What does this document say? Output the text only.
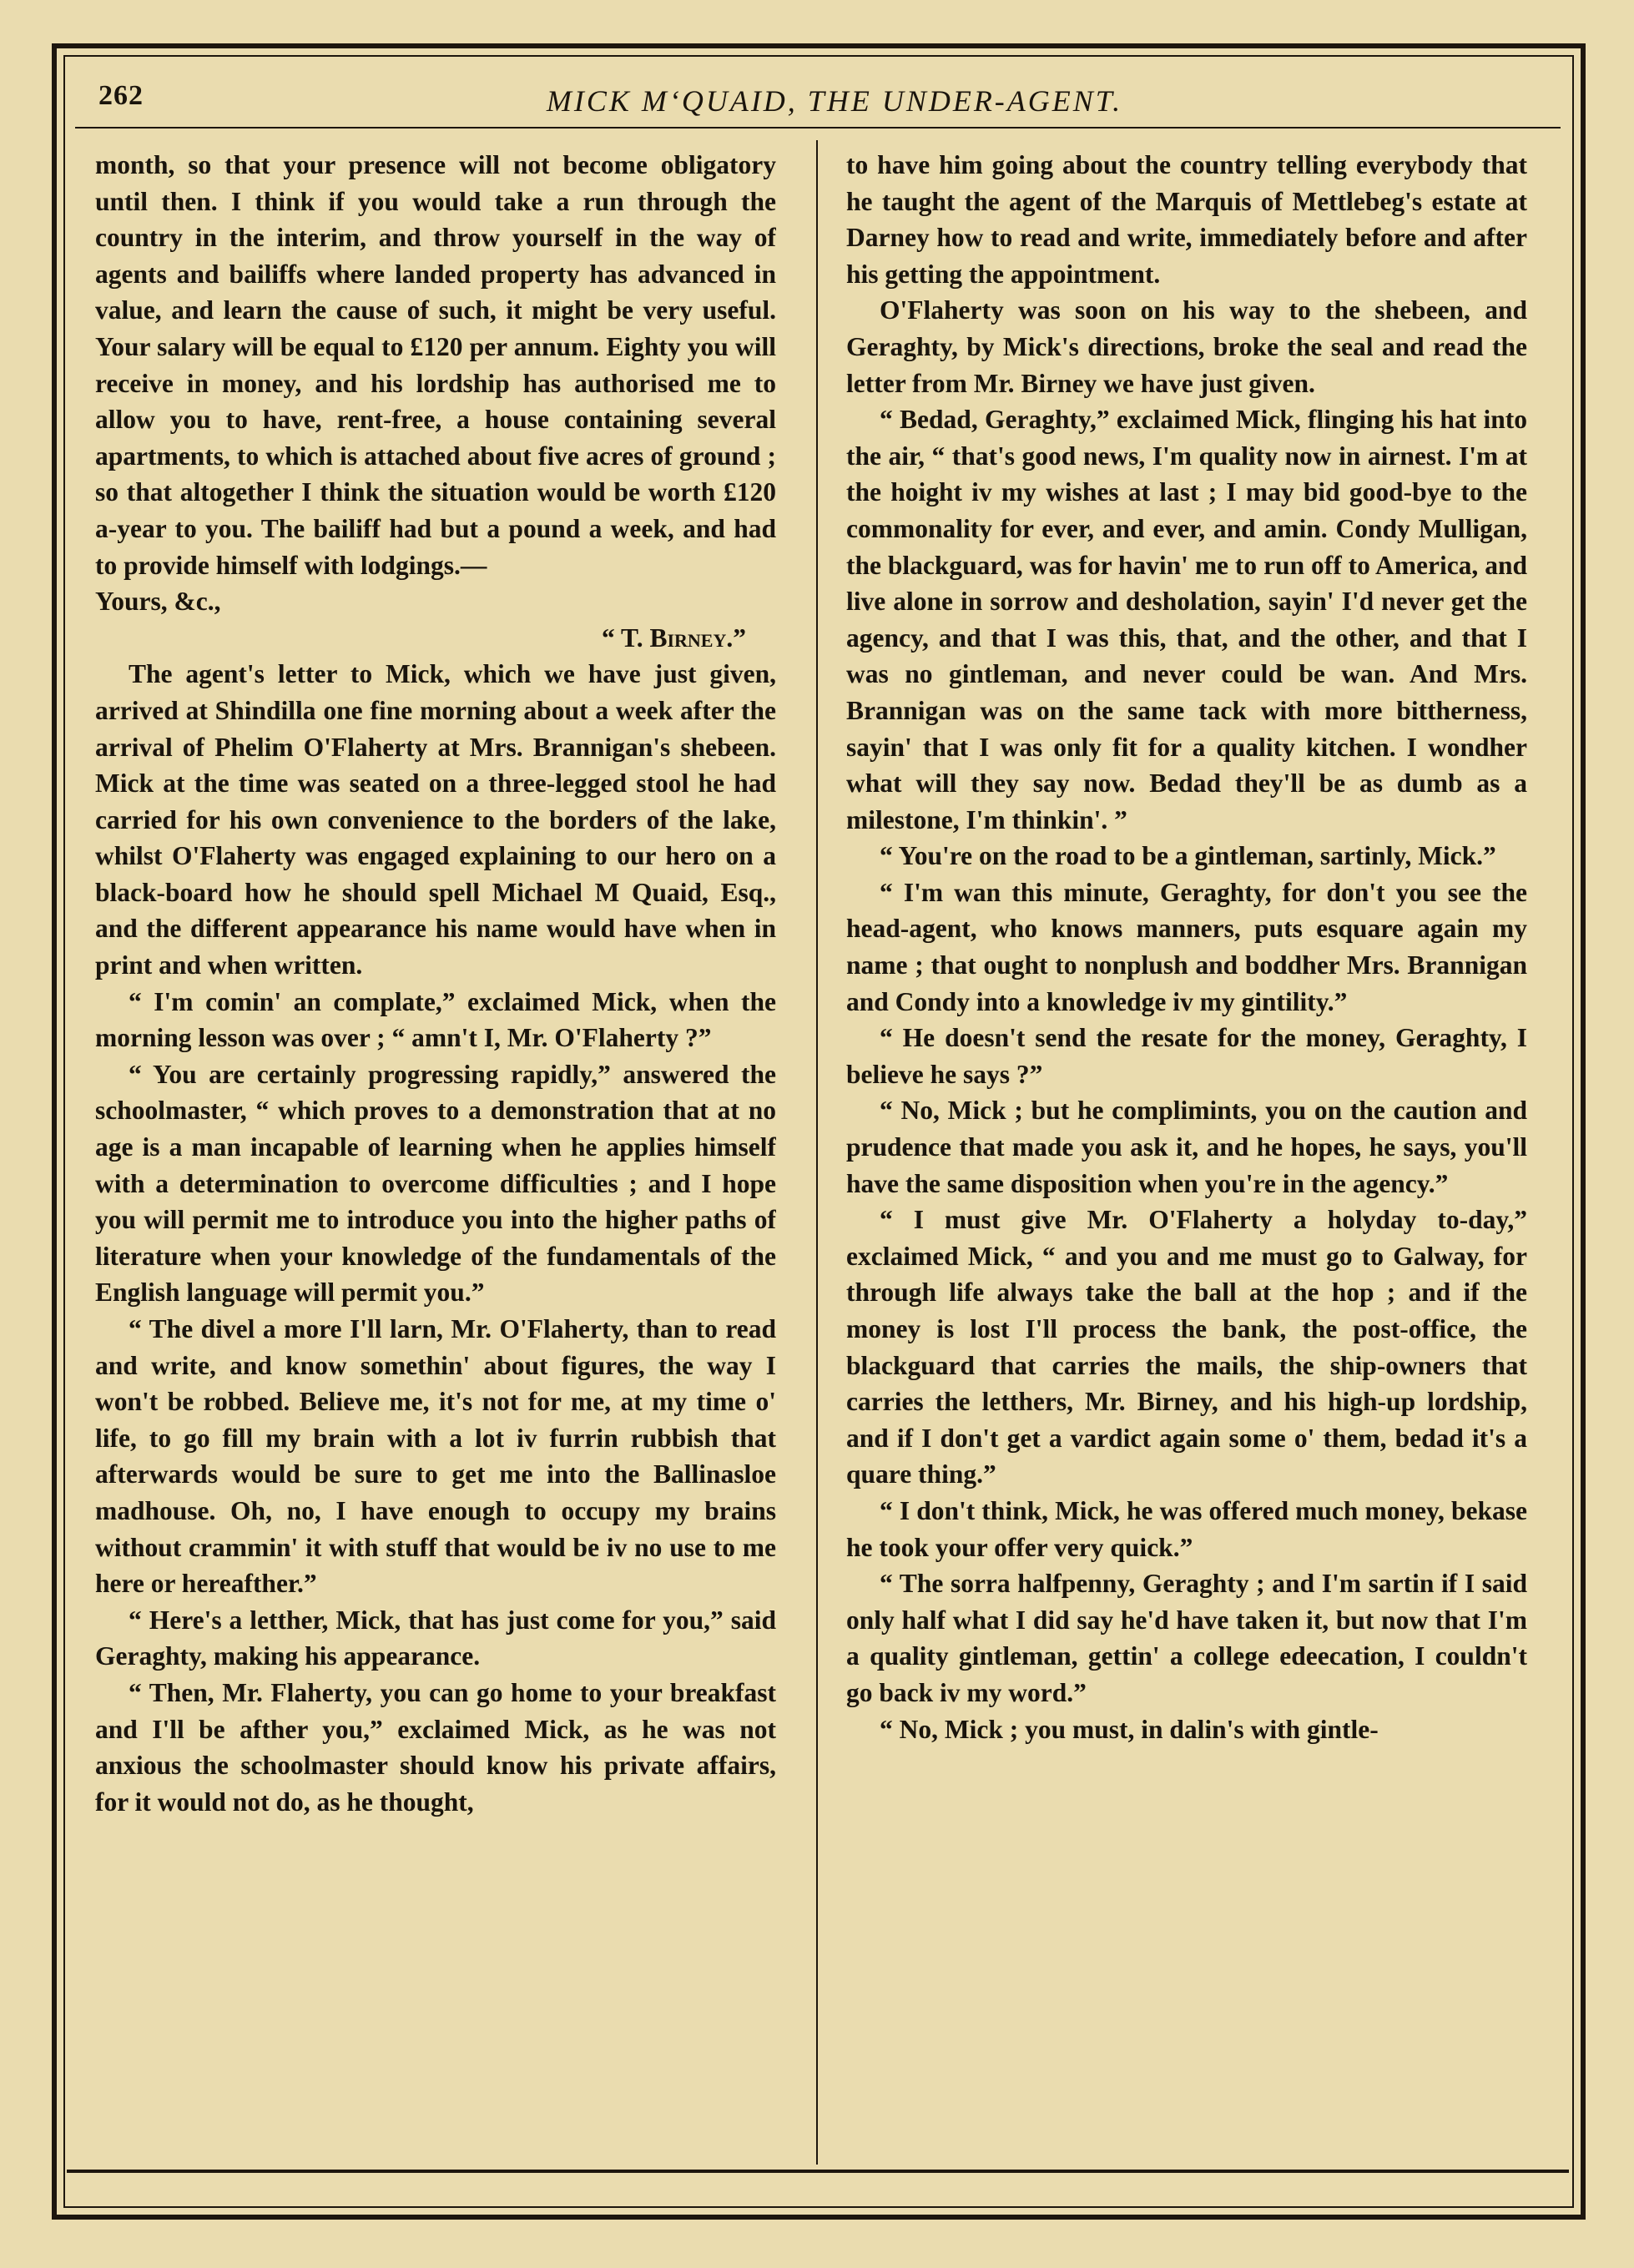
262	MICK M‘QUAID, THE UNDER-AGENT.

month, so that your presence will not become obligatory until then. I think if you would take a run through the country in the interim, and throw yourself in the way of agents and bailiffs where landed property has advanced in value, and learn the cause of such, it might be very useful. Your salary will be equal to £120 per annum. Eighty you will receive in money, and his lordship has authorised me to allow you to have, rent-free, a house containing several apartments, to which is attached about five acres of ground ; so that altogether I think the situation would be worth £120 a-year to you. The bailiff had but a pound a week, and had to provide himself with lodgings.—

Yours, &c.,

“ T. Birney.”

The agent's letter to Mick, which we have just given, arrived at Shindilla one fine morning about a week after the arrival of Phelim O'Flaherty at Mrs. Brannigan's shebeen. Mick at the time was seated on a three-legged stool he had carried for his own convenience to the borders of the lake, whilst O'Flaherty was engaged explaining to our hero on a black-board how he should spell Michael M Quaid, Esq., and the different appearance his name would have when in print and when written.

“ I'm comin' an complate,” exclaimed Mick, when the morning lesson was over ; “ amn't I, Mr. O'Flaherty ?”

“ You are certainly progressing rapidly,” answered the schoolmaster, “ which proves to a demonstration that at no age is a man incapable of learning when he applies himself with a determination to overcome difficulties ; and I hope you will permit me to introduce you into the higher paths of literature when your knowledge of the fundamentals of the English language will permit you.”

“ The divel a more I'll larn, Mr. O'Flaherty, than to read and write, and know somethin' about figures, the way I won't be robbed. Believe me, it's not for me, at my time o' life, to go fill my brain with a lot iv furrin rubbish that afterwards would be sure to get me into the Ballinasloe madhouse. Oh, no, I have enough to occupy my brains without crammin' it with stuff that would be iv no use to me here or hereafther.”

“ Here's a letther, Mick, that has just come for you,” said Geraghty, making his appearance.

“ Then, Mr. Flaherty, you can go home to your breakfast and I'll be afther you,” exclaimed Mick, as he was not anxious the schoolmaster should know his private affairs, for it would not do, as he thought,

to have him going about the country telling everybody that he taught the agent of the Marquis of Mettlebeg's estate at Darney how to read and write, immediately before and after his getting the appointment.

O'Flaherty was soon on his way to the shebeen, and Geraghty, by Mick's directions, broke the seal and read the letter from Mr. Birney we have just given.

“ Bedad, Geraghty,” exclaimed Mick, flinging his hat into the air, “ that's good news, I'm quality now in airnest. I'm at the hoight iv my wishes at last ; I may bid good-bye to the commonality for ever, and ever, and amin. Condy Mulligan, the blackguard, was for havin' me to run off to America, and live alone in sorrow and desholation, sayin' I'd never get the agency, and that I was this, that, and the other, and that I was no gintleman, and never could be wan. And Mrs. Brannigan was on the same tack with more bittherness, sayin' that I was only fit for a quality kitchen. I wondher what will they say now. Bedad they'll be as dumb as a milestone, I'm thinkin'. ”

“ You're on the road to be a gintleman, sartinly, Mick.”

“ I'm wan this minute, Geraghty, for don't you see the head-agent, who knows manners, puts esquare again my name ; that ought to nonplush and boddher Mrs. Brannigan and Condy into a knowledge iv my gintility.”

“ He doesn't send the resate for the money, Geraghty, I believe he says ?”

“ No, Mick ; but he complimints, you on the caution and prudence that made you ask it, and he hopes, he says, you'll have the same disposition when you're in the agency.”

“ I must give Mr. O'Flaherty a holyday to-day,” exclaimed Mick, “ and you and me must go to Galway, for through life always take the ball at the hop ; and if the money is lost I'll process the bank, the post-office, the blackguard that carries the mails, the ship-owners that carries the letthers, Mr. Birney, and his high-up lordship, and if I don't get a vardict again some o' them, bedad it's a quare thing.”

“ I don't think, Mick, he was offered much money, bekase he took your offer very quick.”

“ The sorra halfpenny, Geraghty ; and I'm sartin if I said only half what I did say he'd have taken it, but now that I'm a quality gintleman, gettin' a college edeecation, I couldn't go back iv my word.”

“ No, Mick ; you must, in dalin's with gintle-
